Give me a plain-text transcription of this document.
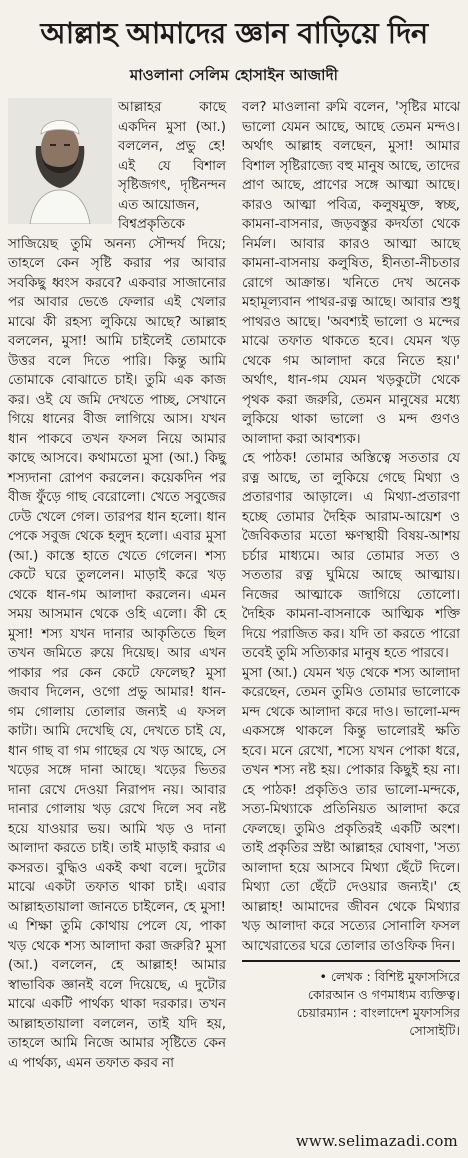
আল্লাহ আমাদের জ্ঞান বাড়িয়ে দিন
মাওলানা সেলিম হোসাইন আজাদী

আল্লাহর কাছে একদিন মুসা (আ.) বললেন, প্রভু হে! এই যে বিশাল সৃষ্টিজগৎ, দৃষ্টিনন্দন এত আয়োজন,

বিশ্বপ্রকৃতিকে সাজিয়েছ তুমি অনন্য সৌন্দর্য দিয়ে; তাহলে কেন সৃষ্টি করার পর আবার সবকিছু ধ্বংস করবে? একবার সাজানোর পর আবার ভেঙে ফেলার এই খেলার মাঝে কী রহস্য লুকিয়ে আছে? আল্লাহ বললেন, মুসা! আমি চাইলেই তোমাকে উত্তর বলে দিতে পারি। কিন্তু আমি তোমাকে বোঝাতে চাই। তুমি এক কাজ কর। ওই যে জমি দেখতে পাচ্ছ, সেখানে গিয়ে ধানের বীজ লাগিয়ে আস। যখন ধান পাকবে তখন ফসল নিয়ে আমার কাছে আসবে। কথামতো মুসা (আ.) কিছু শস্যদানা রোপণ করলেন। কয়েকদিন পর বীজ ফুঁড়ে গাছ বেরোলো। খেতে সবুজের ঢেউ খেলে গেল। তারপর ধান হলো। ধান পেকে সবুজ থেকে হলুদ হলো। এবার মুসা (আ.) কাস্তে হাতে খেতে গেলেন। শস্য কেটে ঘরে তুললেন। মাড়াই করে খড় থেকে ধান-গম আলাদা করলেন। এমন সময় আসমান থেকে ওহি এলো। কী হে মুসা! শস্য যখন দানার আকৃতিতে ছিল তখন জমিতে রুয়ে দিয়েছ। আর এখন পাকার পর কেন কেটে ফেলেছ? মুসা জবাব দিলেন, ওগো প্রভু আমার! ধান-গম গোলায় তোলার জন্যই এ ফসল কাটা। আমি দেখেছি যে, দেখতে চাই যে, ধান গাছ বা গম গাছের যে খড় আছে, সে খড়ের সঙ্গে দানা আছে। খড়ের ভিতর দানা রেখে দেওয়া নিরাপদ নয়। আবার দানার গোলায় খড় রেখে দিলে সব নষ্ট হয়ে যাওয়ার ভয়। আমি খড় ও দানা আলাদা করতে চাই। তাই মাড়াই করার এ কসরত। বুদ্ধিও একই কথা বলে। দুটোর মাঝে একটা তফাত থাকা চাই। এবার আল্লাহতায়ালা জানতে চাইলেন, হে মুসা! এ শিক্ষা তুমি কোথায় পেলে যে, পাকা খড় থেকে শস্য আলাদা করা জরুরি? মুসা (আ.) বললেন, হে আল্লাহ! আমার স্বাভাবিক জ্ঞানই বলে দিয়েছে, এ দুটোর মাঝে একটি পার্থক্য থাকা দরকার। তখন আল্লাহতায়ালা বললেন, তাই যদি হয়, তাহলে আমি নিজে আমার সৃষ্টিতে কেন এ পার্থক্য, এমন তফাত করব না

বল? মাওলানা রুমি বলেন, 'সৃষ্টির মাঝে ভালো যেমন আছে, আছে তেমন মন্দও। অর্থাৎ আল্লাহ বলছেন, মুসা! আমার বিশাল সৃষ্টিরাজ্যে বহু মানুষ আছে, তাদের প্রাণ আছে, প্রাণের সঙ্গে আত্মা আছে। কারও আত্মা পবিত্র, কলুষমুক্ত, স্বচ্ছ, কামনা-বাসনার, জড়বস্তুর কদর্যতা থেকে নির্মল। আবার কারও আত্মা আছে কামনা-বাসনায় কলুষিত, হীনতা-নীচতার রোগে আক্রান্ত। খনিতে দেখ অনেক মহামূল্যবান পাথর-রত্ন আছে। আবার শুধু পাথরও আছে। 'অবশ্যই ভালো ও মন্দের মাঝে তফাত থাকতে হবে। যেমন খড় থেকে গম আলাদা করে নিতে হয়।' অর্থাৎ, ধান-গম যেমন খড়কুটো থেকে পৃথক করা জরুরি, তেমন মানুষের মধ্যে লুকিয়ে থাকা ভালো ও মন্দ গুণও আলাদা করা আবশ্যক।

হে পাঠক! তোমার অস্তিত্বে সততার যে রত্ন আছে, তা লুকিয়ে গেছে মিথ্যা ও প্রতারণার আড়ালে। এ মিথ্যা-প্রতারণা হচ্ছে তোমার দৈহিক আরাম-আয়েশ ও জৈবিকতার মতো ক্ষণস্থায়ী বিষয়-আশয় চর্চার মাধ্যমে। আর তোমার সত্য ও সততার রত্ন ঘুমিয়ে আছে আত্মায়। নিজের আত্মাকে জাগিয়ে তোলো। দৈহিক কামনা-বাসনাকে আত্মিক শক্তি দিয়ে পরাজিত কর। যদি তা করতে পারো তবেই তুমি সত্যিকার মানুষ হতে পারবে।

মুসা (আ.) যেমন খড় থেকে শস্য আলাদা করেছেন, তেমন তুমিও তোমার ভালোকে মন্দ থেকে আলাদা করে দাও। ভালো-মন্দ একসঙ্গে থাকলে কিন্তু ভালোরই ক্ষতি হবে। মনে রেখো, শস্যে যখন পোকা ধরে, তখন শস্য নষ্ট হয়। পোকার কিছুই হয় না। হে পাঠক! প্রকৃতিও তার ভালো-মন্দকে, সত্য-মিথ্যাকে প্রতিনিয়ত আলাদা করে ফেলছে। তুমিও প্রকৃতিরই একটি অংশ। তাই প্রকৃতির স্রষ্টা আল্লাহর ঘোষণা, 'সত্য আলাদা হয়ে আসবে মিথ্যা ছেঁটে দিলে। মিথ্যা তো ছেঁটে দেওয়ার জন্যই।' হে আল্লাহ! আমাদের জীবন থেকে মিথ্যার খড় আলাদা করে সত্যের সোনালি ফসল আখেরাতের ঘরে তোলার তাওফিক দিন।

• লেখক : বিশিষ্ট মুফাসসিরে
কোরআন ও গণমাধ্যম ব্যক্তিত্ব।
চেয়ারম্যান : বাংলাদেশ মুফাসসির
সোসাইটি।
www.selimazadi.com
